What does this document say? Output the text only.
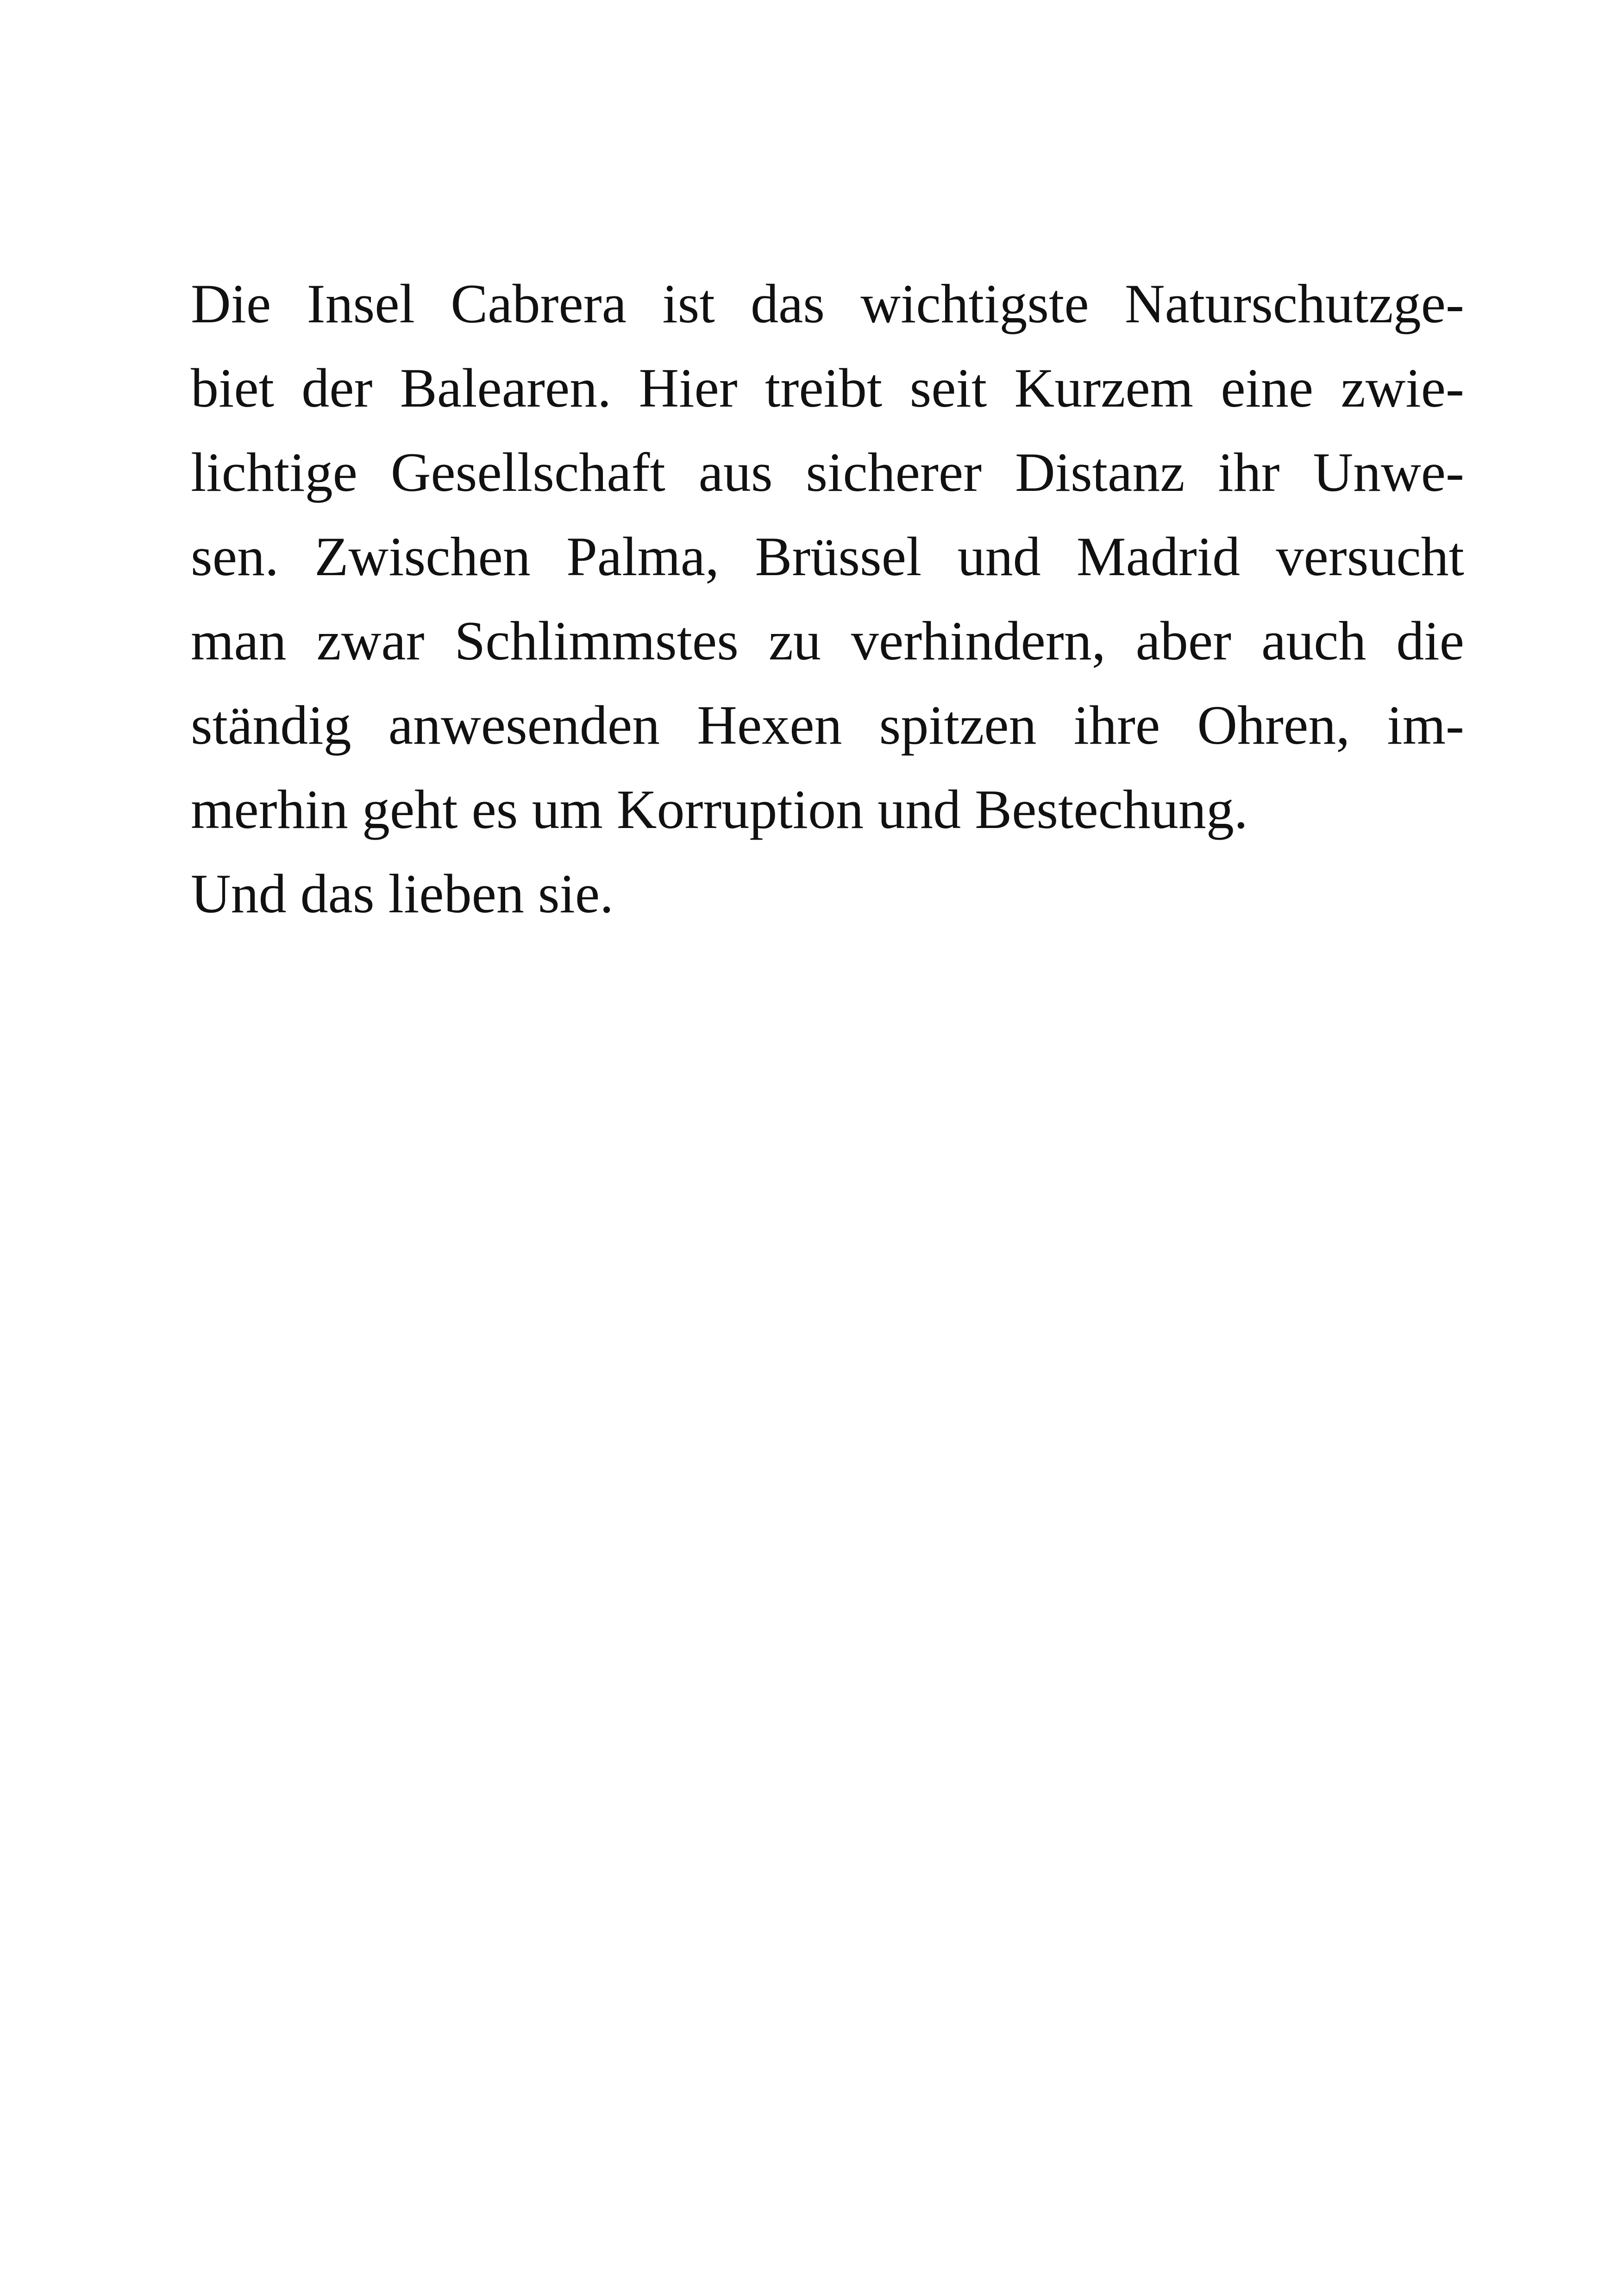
Die Insel Cabrera ist das wichtigste Naturschutzge-
biet der Balearen. Hier treibt seit Kurzem eine zwie-
lichtige Gesellschaft aus sicherer Distanz ihr Unwe-
sen. Zwischen Palma, Brüssel und Madrid versucht
man zwar Schlimmstes zu verhindern, aber auch die
ständig anwesenden Hexen spitzen ihre Ohren, im-
merhin geht es um Korruption und Bestechung.
Und das lieben sie.
